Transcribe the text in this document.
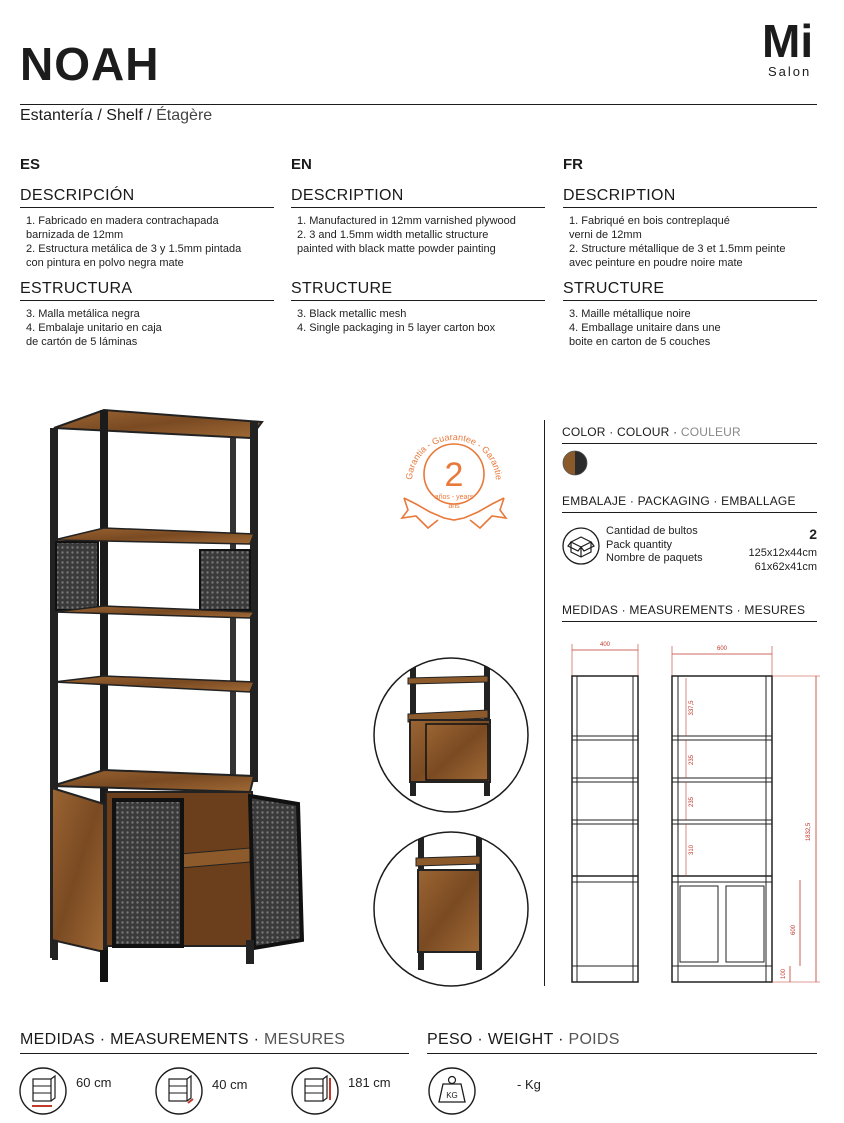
NOAH	Mi
Salon
Estantería / Shelf / Étagère
ES
DESCRIPCIÓN
1. Fabricado en madera contrachapada
barnizada de 12mm
2. Estructura metálica de 3 y 1.5mm pintada
con pintura en polvo negra mate
ESTRUCTURA
3. Malla metálica negra
4. Embalaje unitario en caja
de cartón de 5 láminas
EN
DESCRIPTION
1. Manufactured in 12mm varnished plywood
2. 3 and 1.5mm width metallic structure
painted with black matte powder painting
STRUCTURE
3. Black metallic mesh
4. Single packaging in 5 layer carton box
FR
DESCRIPTION
1. Fabriqué en bois contreplaqué
verni de 12mm
2. Structure métallique de 3 et 1.5mm peinte
avec peinture en poudre noire mate
STRUCTURE
3. Maille métallique noire
4. Emballage unitaire dans une
boite en carton de 5 couches
Garantia - Guarantee - Garantie
2
años - years
ans
COLOR · COLOUR · COULEUR
EMBALAJE · PACKAGING · EMBALLAGE
Cantidad de bultos
Pack quantity
Nombre de paquets
2
125x12x44cm
61x62x41cm
MEDIDAS · MEASUREMENTS · MESURES
400
600
337,5
235
235
310
1832,5
600
100
MEDIDAS · MEASUREMENTS · MESURES	PESO · WEIGHT · POIDS
60 cm	40 cm	181 cm
KG
- Kg
